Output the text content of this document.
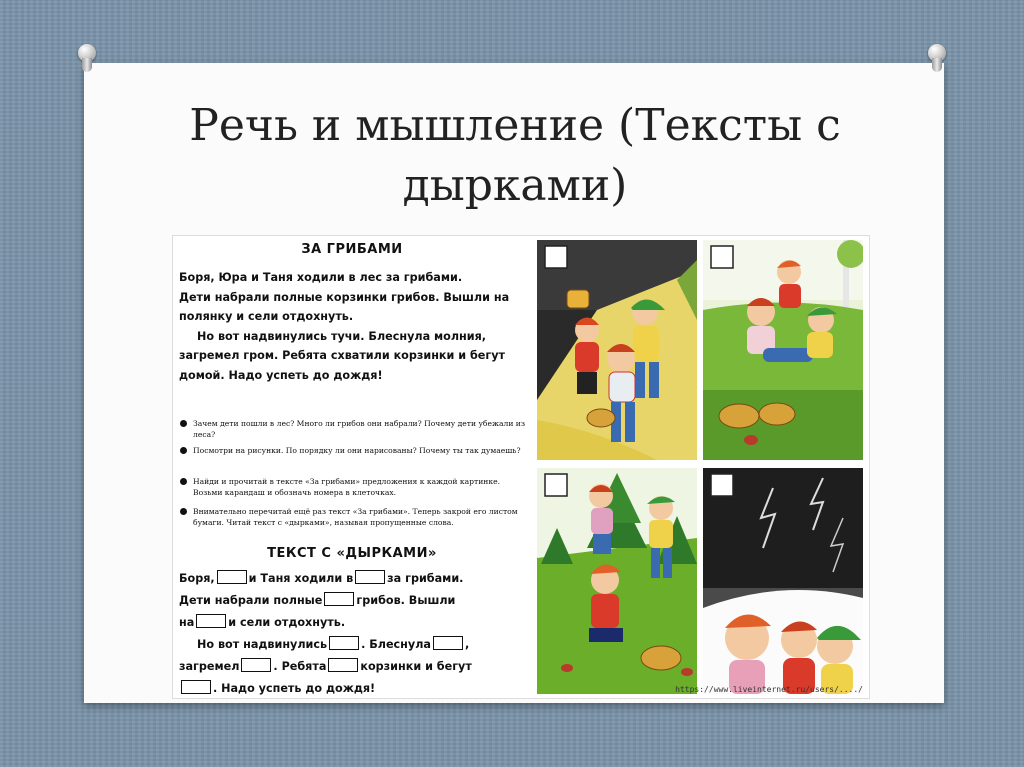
Речь и мышление (Тексты с дырками)
ЗА ГРИБАМИ
Боря, Юра и Таня ходили в лес за грибами.
Дети набрали полные корзинки грибов. Вышли на
полянку и сели отдохнуть.
Но вот надвинулись тучи. Блеснула молния,
загремел гром. Ребята схватили корзинки и бегут
домой. Надо успеть до дождя!
Зачем дети пошли в лес? Много ли грибов они набрали? Почему дети убежали из леса?
Посмотри на рисунки. По порядку ли они нарисованы? Почему ты так думаешь?
Найди и прочитай в тексте «За грибами» предложения к каждой картинке. Возьми карандаш и обозначь номера в клеточках.
Внимательно перечитай ещё раз текст «За грибами». Теперь закрой его листом бумаги. Читай текст с «дырками», называя пропущенные слова.
ТЕКСТ С «ДЫРКАМИ»
Боря,	и Таня ходили в	за грибами.
Дети набрали полные	грибов. Вышли
на	и сели отдохнуть.
Но вот надвинулись	. Блеснула	,
загремел	. Ребята	корзинки и бегут
. Надо успеть до дождя!	https://www.liveinternet.ru/users/..../
